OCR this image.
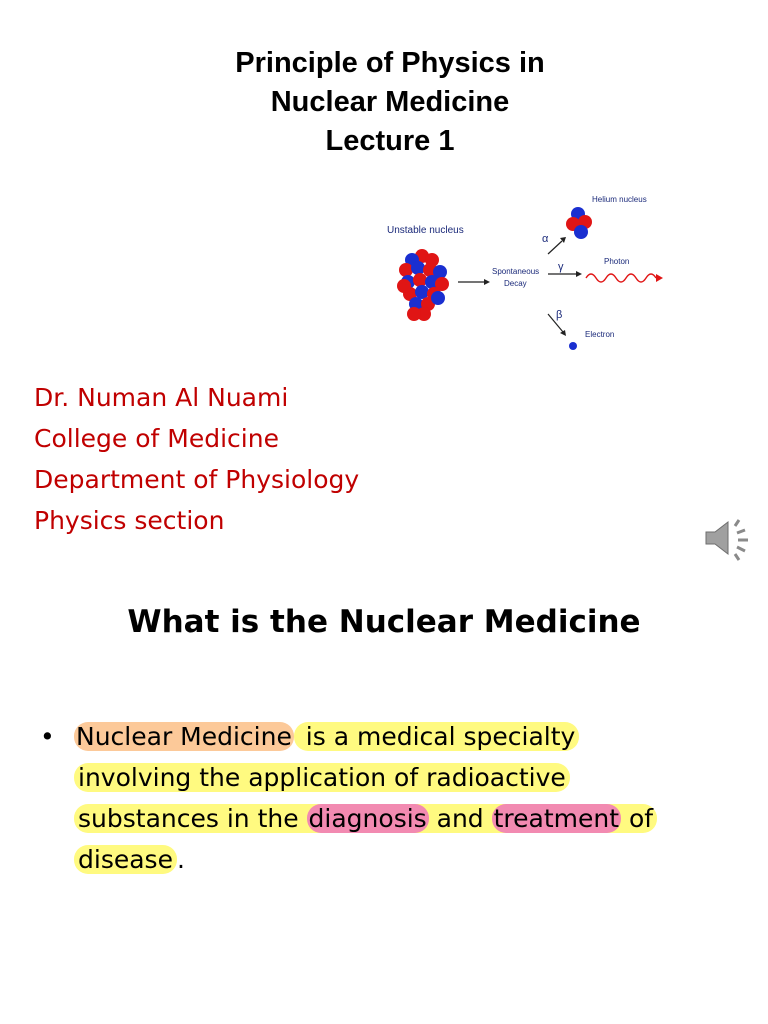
Principle of Physics in
Nuclear Medicine
Lecture 1
Unstable nucleus
Spontaneous
Decay
α
Helium nucleus
γ	Photon
β
Electron
Dr. Numan Al Nuami
College of Medicine
Department of Physiology
Physics section
What is the Nuclear Medicine
• Nuclear Medicine is a medical specialty
involving the application of radioactive
substances in the diagnosis and treatment of
disease .
